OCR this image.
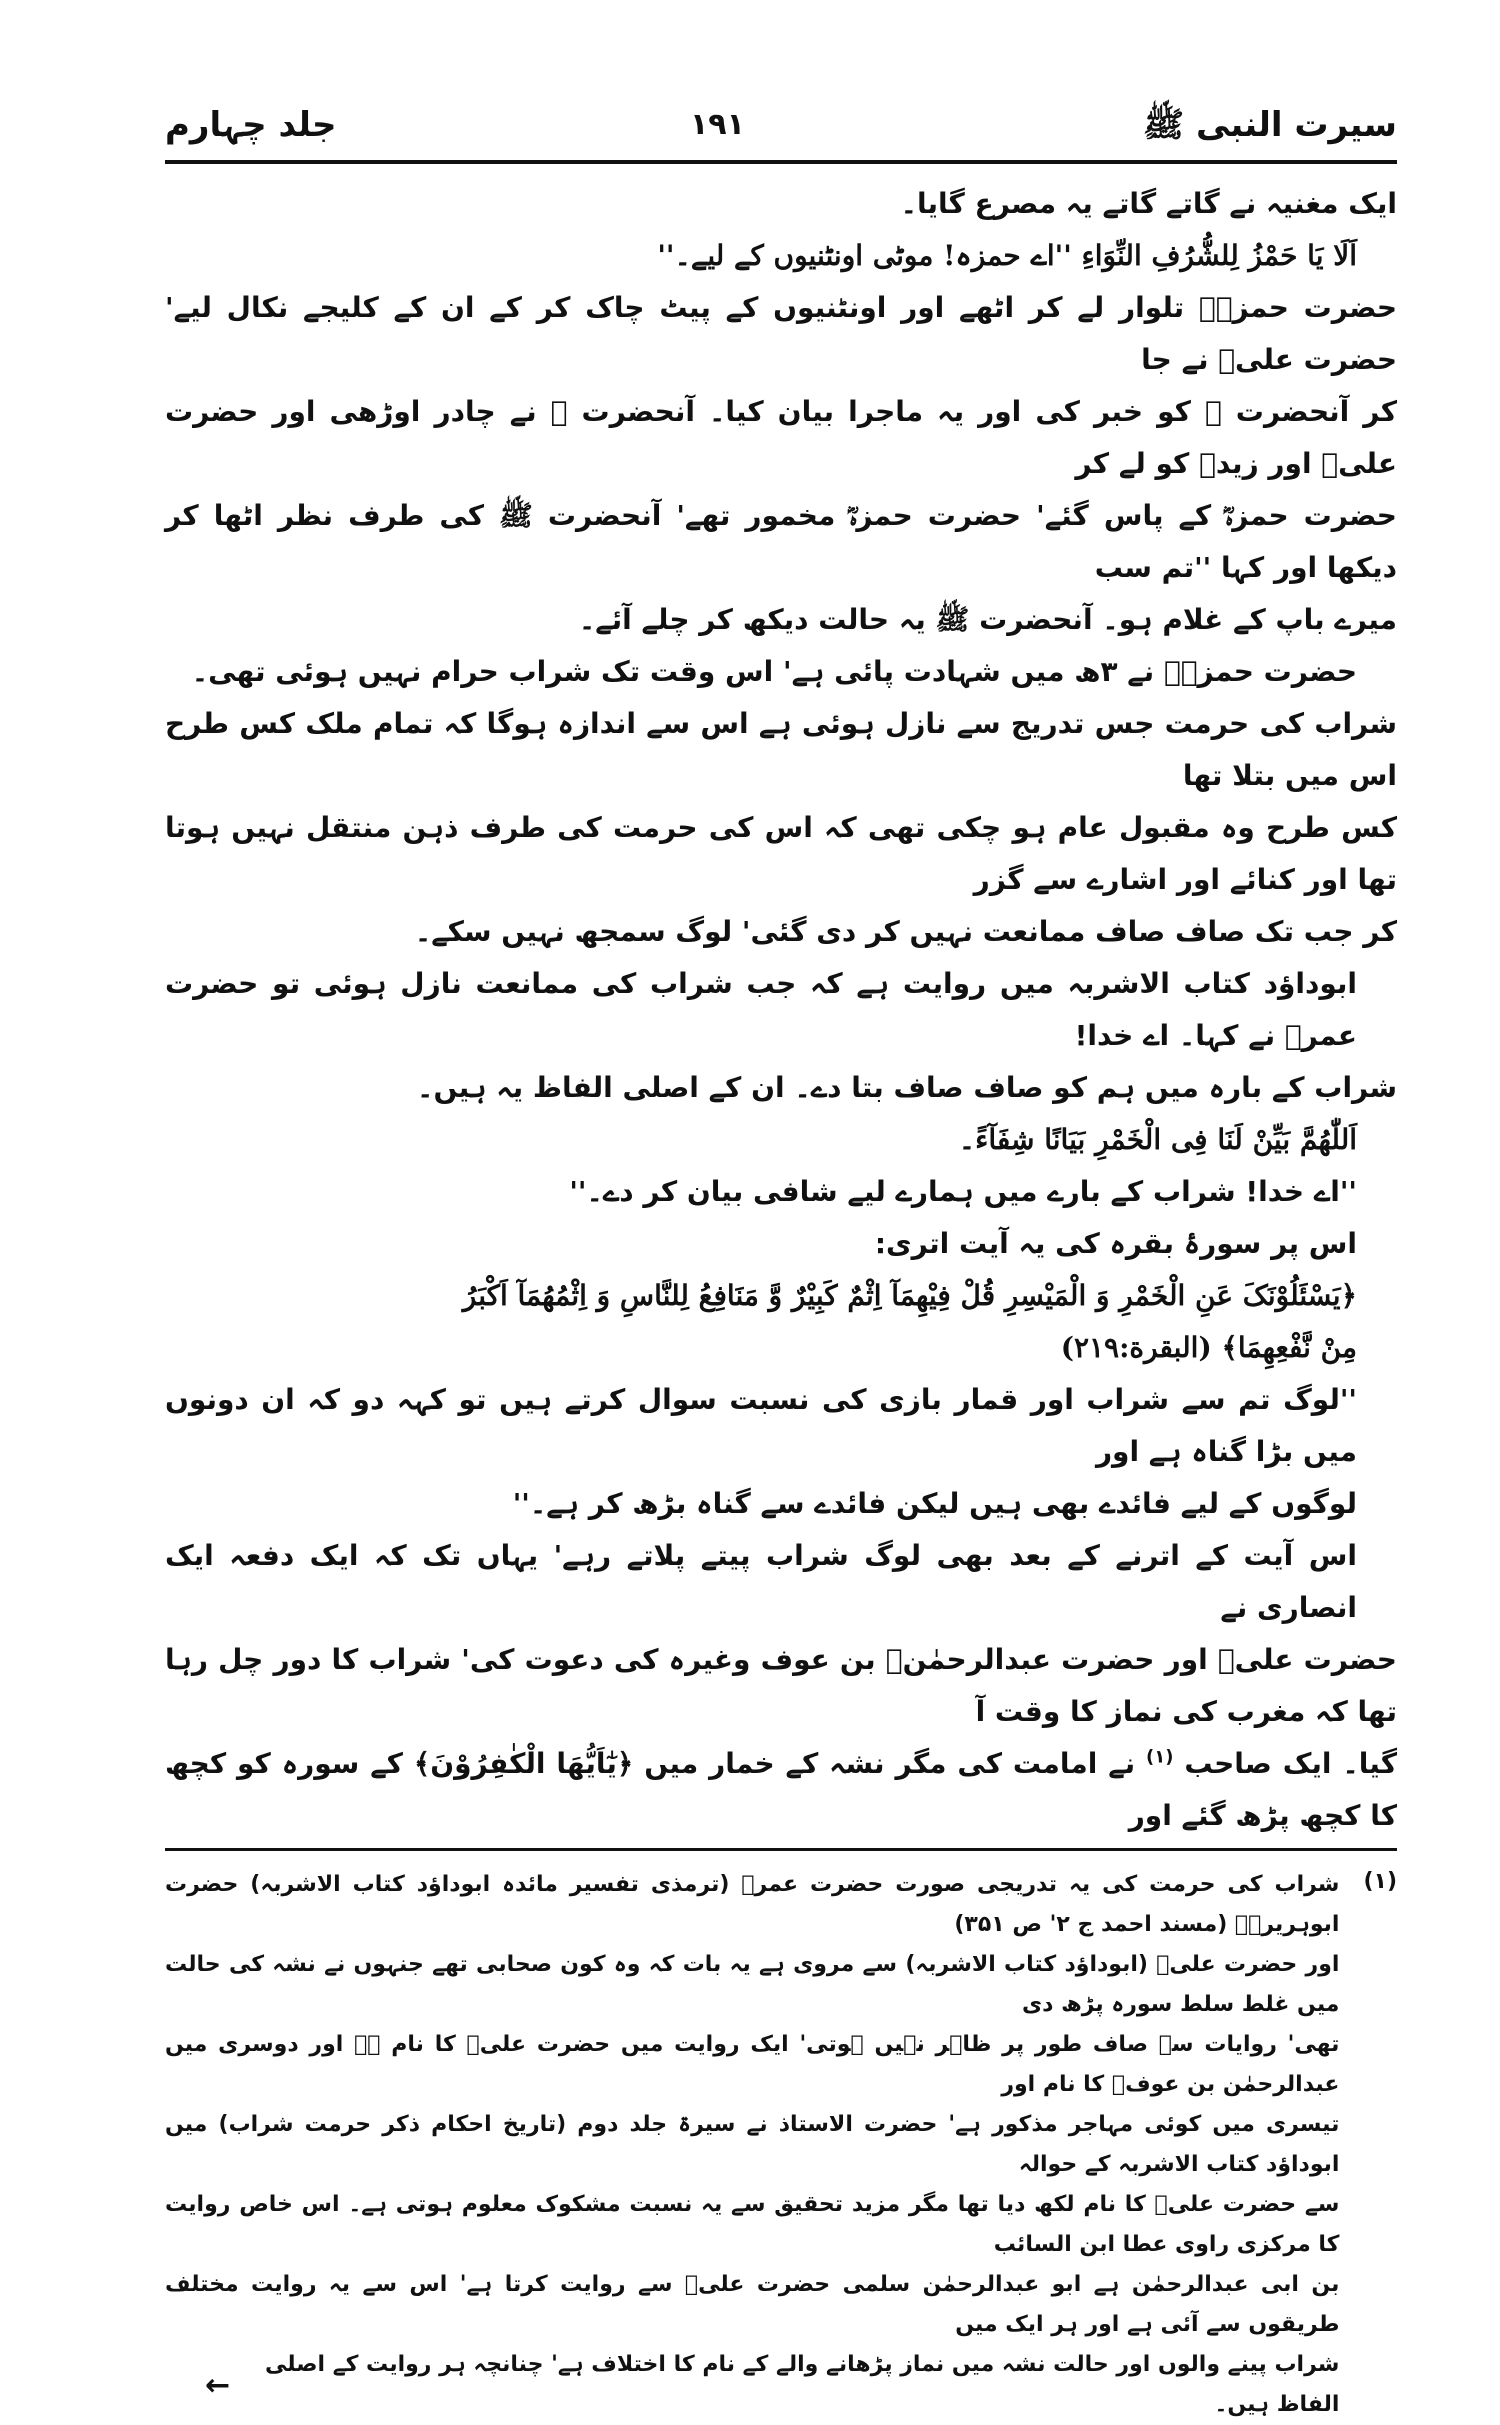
سیرت النبی ﷺ
۱۹۱
جلد چہارم
ایک مغنیہ نے گاتے گاتے یہ مصرع گایا۔
اَلَا یَا حَمْزُ لِلشُّرُفِ النِّوَاءِ ''اے حمزہ! موٹی اونٹنیوں کے لیے۔''
حضرت حمزہؓ تلوار لے کر اٹھے اور اونٹنیوں کے پیٹ چاک کر کے ان کے کلیجے نکال لیے' حضرت علیؓ نے جا
کر آنحضرت ﷺ کو خبر کی اور یہ ماجرا بیان کیا۔ آنحضرت ﷺ نے چادر اوڑھی اور حضرت علیؓ اور زیدؓ کو لے کر
حضرت حمزہؓ کے پاس گئے' حضرت حمزہؓ مخمور تھے' آنحضرت ﷺ کی طرف نظر اٹھا کر دیکھا اور کہا ''تم سب
میرے باپ کے غلام ہو۔ آنحضرت ﷺ یہ حالت دیکھ کر چلے آئے۔
حضرت حمزہؓ نے ۳ھ میں شہادت پائی ہے' اس وقت تک شراب حرام نہیں ہوئی تھی۔
شراب کی حرمت جس تدریج سے نازل ہوئی ہے اس سے اندازہ ہوگا کہ تمام ملک کس طرح اس میں بتلا تھا
کس طرح وہ مقبول عام ہو چکی تھی کہ اس کی حرمت کی طرف ذہن منتقل نہیں ہوتا تھا اور کنائے اور اشارے سے گزر
کر جب تک صاف صاف ممانعت نہیں کر دی گئی' لوگ سمجھ نہیں سکے۔
ابوداؤد کتاب الاشربہ میں روایت ہے کہ جب شراب کی ممانعت نازل ہوئی تو حضرت عمرؓ نے کہا۔ اے خدا!
شراب کے بارہ میں ہم کو صاف صاف بتا دے۔ ان کے اصلی الفاظ یہ ہیں۔
اَللّٰھُمَّ بَیِّنْ لَنَا فِی الْخَمْرِ بَیَانًا شِفَآءً۔
''اے خدا! شراب کے بارے میں ہمارے لیے شافی بیان کر دے۔''
اس پر سورۂ بقرہ کی یہ آیت اتری:
﴿یَسْئَلُوْنَکَ عَنِ الْخَمْرِ وَ الْمَیْسِرِ قُلْ فِیْهِمَآ اِثْمٌ کَبِیْرٌ وَّ مَنَافِعُ لِلنَّاسِ وَ اِثْمُهُمَآ اَکْبَرُ
مِنْ نَّفْعِهِمَا﴾ (البقرة:۲۱۹)
''لوگ تم سے شراب اور قمار بازی کی نسبت سوال کرتے ہیں تو کہہ دو کہ ان دونوں میں بڑا گناہ ہے اور
لوگوں کے لیے فائدے بھی ہیں لیکن فائدے سے گناہ بڑھ کر ہے۔''
اس آیت کے اترنے کے بعد بھی لوگ شراب پیتے پلاتے رہے' یہاں تک کہ ایک دفعہ ایک انصاری نے
حضرت علیؓ اور حضرت عبدالرحمٰنؓ بن عوف وغیرہ کی دعوت کی' شراب کا دور چل رہا تھا کہ مغرب کی نماز کا وقت آ
گیا۔ ایک صاحب $^{(۱)}$ نے امامت کی مگر نشہ کے خمار میں ﴿یٰٓاَیُّهَا الْکٰفِرُوْنَ﴾ کے سورہ کو کچھ کا کچھ پڑھ گئے اور
(۱)
شراب کی حرمت کی یہ تدریجی صورت حضرت عمرؓ (ترمذی تفسیر مائدہ ابوداؤد کتاب الاشربہ) حضرت ابوہریرہؓ (مسند احمد ج ۲' ص ۳۵۱)
اور حضرت علیؓ (ابوداؤد کتاب الاشربہ) سے مروی ہے یہ بات کہ وہ کون صحابی تھے جنہوں نے نشہ کی حالت میں غلط سلط سورہ پڑھ دی
تھی' روایات سے صاف طور پر ظاہر نہیں ہوتی' ایک روایت میں حضرت علیؓ کا نام ہے اور دوسری میں عبدالرحمٰن بن عوفؓ کا نام اور
تیسری میں کوئی مہاجر مذکور ہے' حضرت الاستاذ نے سیرۃ جلد دوم (تاریخ احکام ذکر حرمت شراب) میں ابوداؤد کتاب الاشربہ کے حوالہ
سے حضرت علیؓ کا نام لکھ دیا تھا مگر مزید تحقیق سے یہ نسبت مشکوک معلوم ہوتی ہے۔ اس خاص روایت کا مرکزی راوی عطا ابن السائب
بن ابی عبدالرحمٰن ہے ابو عبدالرحمٰن سلمی حضرت علیؓ سے روایت کرتا ہے' اس سے یہ روایت مختلف طریقوں سے آئی ہے اور ہر ایک میں
شراب پینے والوں اور حالت نشہ میں نماز پڑھانے والے کے نام کا اختلاف ہے' چنانچہ ہر روایت کے اصلی الفاظ ہیں۔
←
